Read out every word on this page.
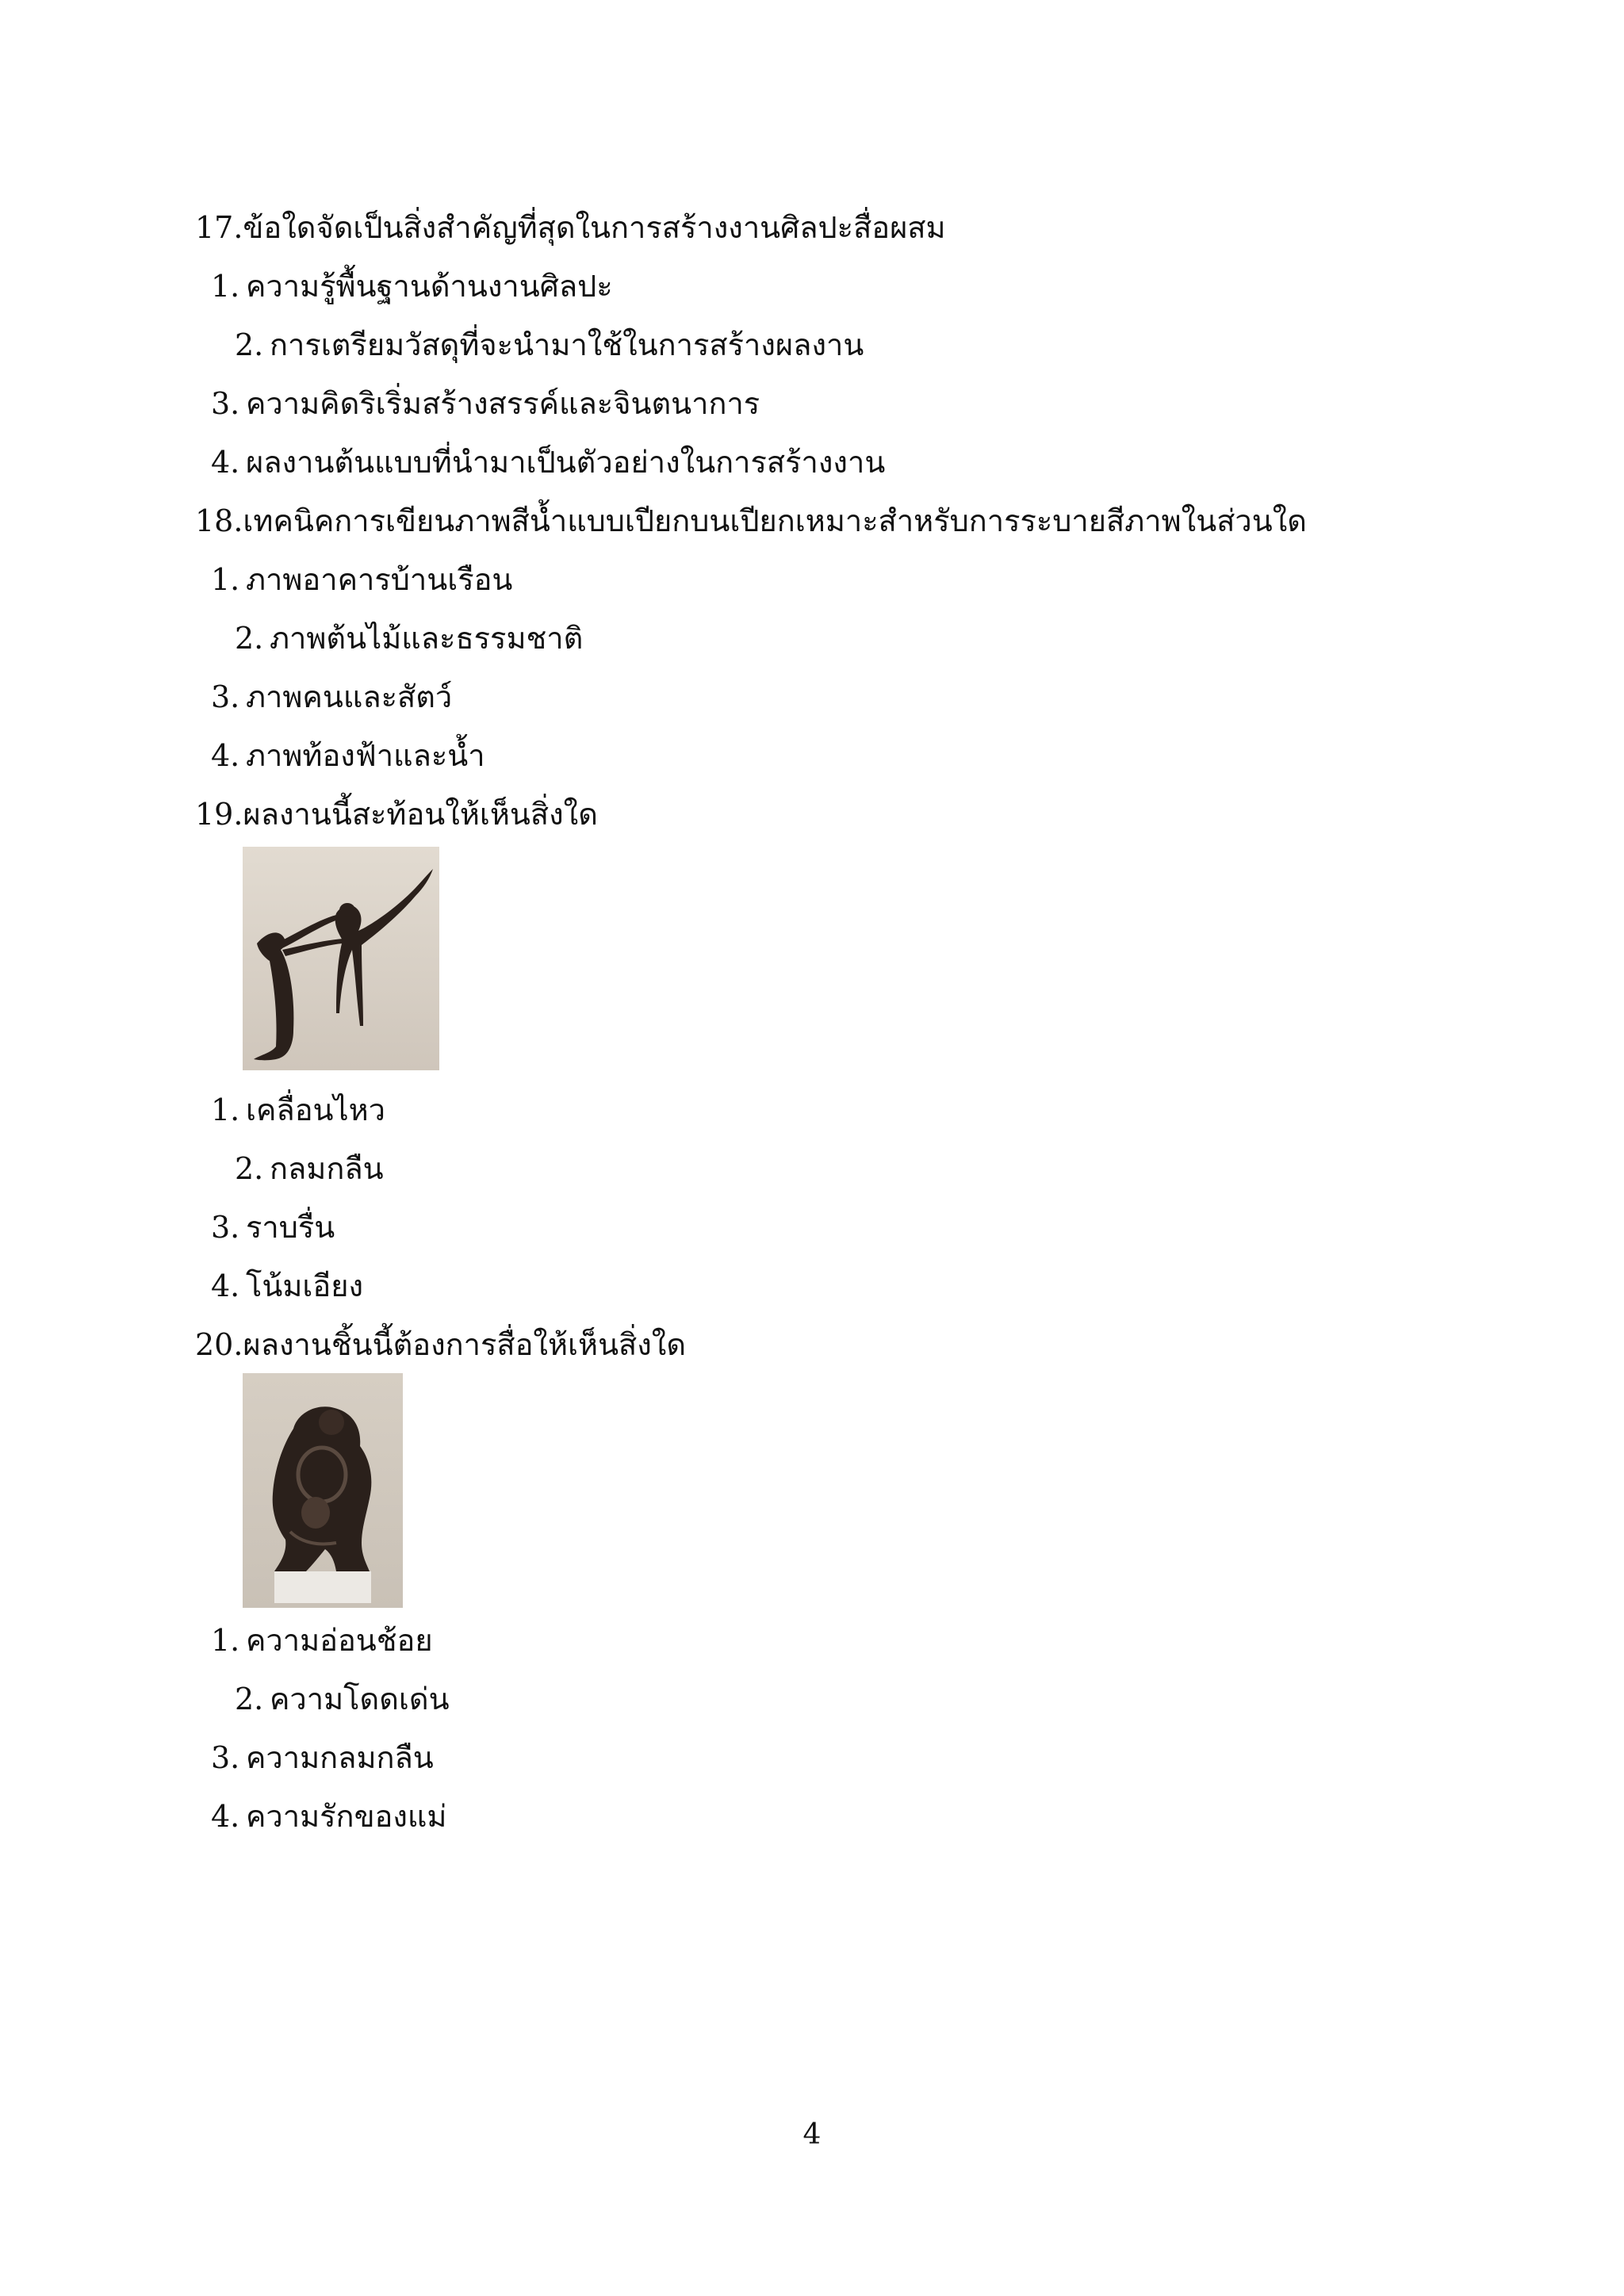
17.ข้อใดจัดเป็นสิ่งสำคัญที่สุดในการสร้างงานศิลปะสื่อผสม
1. ความรู้พื้นฐานด้านงานศิลปะ
2. การเตรียมวัสดุที่จะนำมาใช้ในการสร้างผลงาน
3. ความคิดริเริ่มสร้างสรรค์และจินตนาการ
4. ผลงานต้นแบบที่นำมาเป็นตัวอย่างในการสร้างงาน
18.เทคนิคการเขียนภาพสีน้ำแบบเปียกบนเปียกเหมาะสำหรับการระบายสีภาพในส่วนใด
1. ภาพอาคารบ้านเรือน
2. ภาพต้นไม้และธรรมชาติ
3. ภาพคนและสัตว์
4. ภาพท้องฟ้าและน้ำ
19.ผลงานนี้สะท้อนให้เห็นสิ่งใด
1. เคลื่อนไหว
2. กลมกลืน
3. ราบรื่น
4. โน้มเอียง
20.ผลงานชิ้นนี้ต้องการสื่อให้เห็นสิ่งใด
1. ความอ่อนช้อย
2. ความโดดเด่น
3. ความกลมกลืน
4. ความรักของแม่
4
